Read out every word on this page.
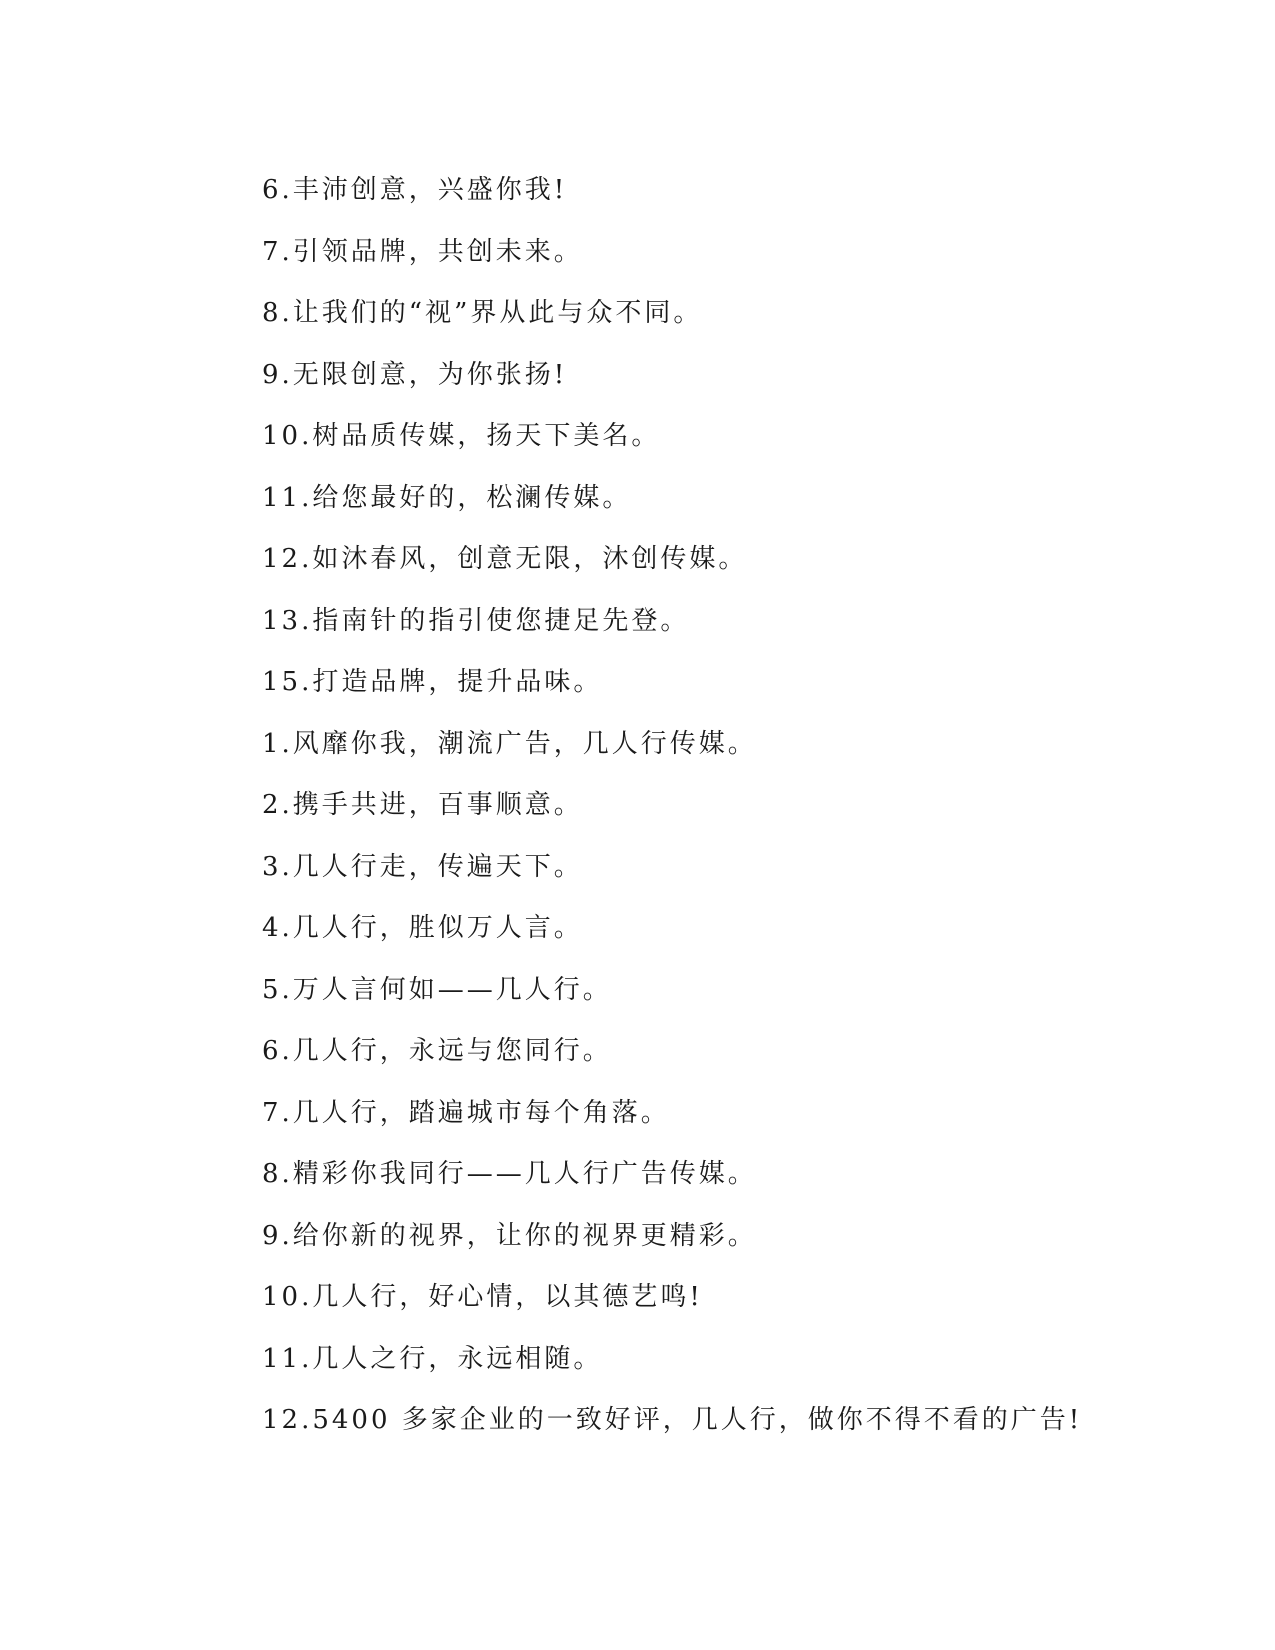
6.丰沛创意，兴盛你我!
7.引领品牌，共创未来。
8.让我们的“视”界从此与众不同。
9.无限创意，为你张扬!
10.树品质传媒，扬天下美名。
11.给您最好的，松澜传媒。
12.如沐春风，创意无限，沐创传媒。
13.指南针的指引使您捷足先登。
15.打造品牌，提升品味。
1.风靡你我，潮流广告，几人行传媒。
2.携手共进，百事顺意。
3.几人行走，传遍天下。
4.几人行，胜似万人言。
5.万人言何如——几人行。
6.几人行，永远与您同行。
7.几人行，踏遍城市每个角落。
8.精彩你我同行——几人行广告传媒。
9.给你新的视界，让你的视界更精彩。
10.几人行，好心情，以其德艺鸣!
11.几人之行，永远相随。
12.5400 多家企业的一致好评，几人行，做你不得不看的广告!
